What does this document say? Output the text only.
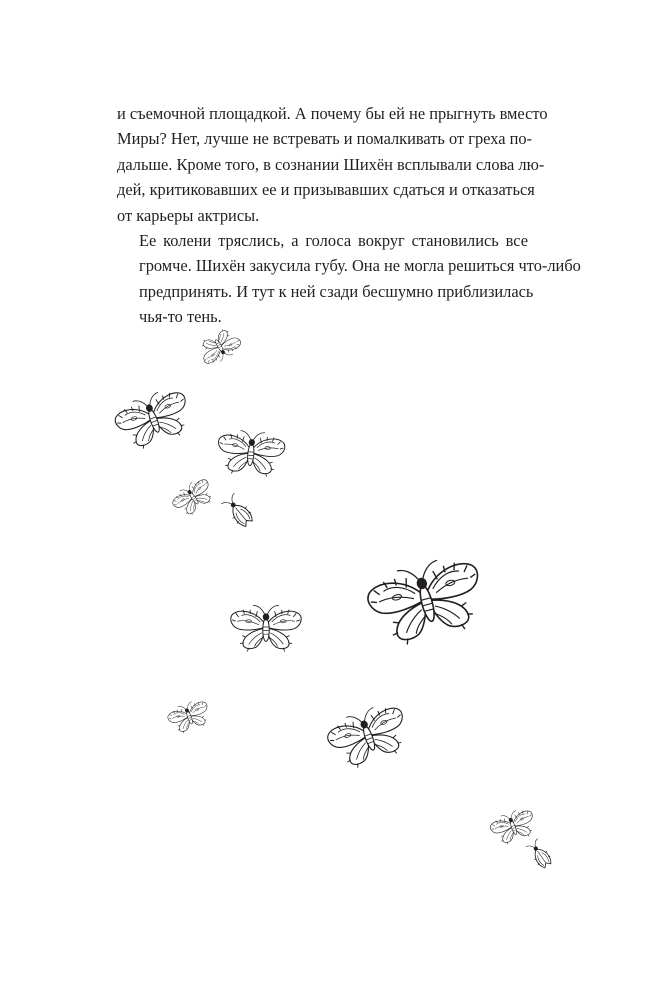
и съемочной площадкой. А почему бы ей не прыгнуть вместо
Миры? Нет, лучше не встревать и помалкивать от греха по-
дальше. Кроме того, в сознании Шихён всплывали слова лю-
дей, критиковавших ее и призывавших сдаться и отказаться
от карьеры актрисы.

Ее колени тряслись, а голоса вокруг становились все
громче. Шихён закусила губу. Она не могла решиться что-либо
предпринять. И тут к ней сзади бесшумно приблизилась
чья-то тень.
